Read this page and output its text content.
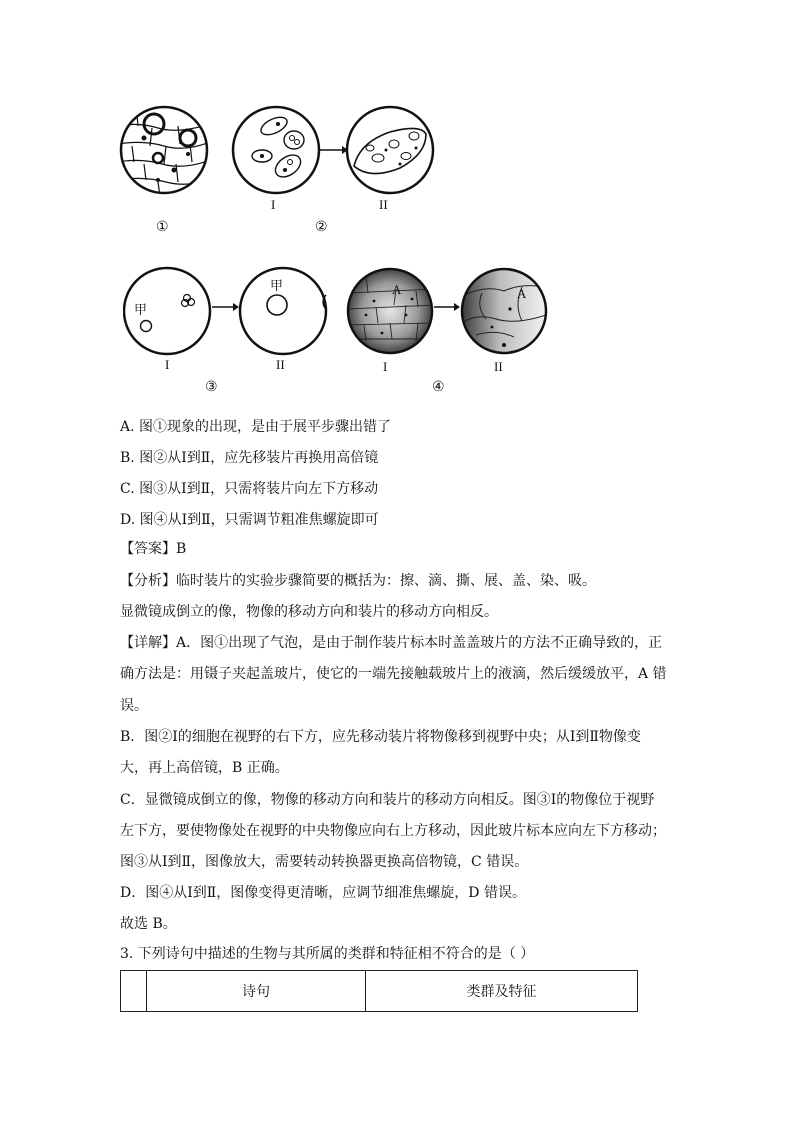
I	II
①	②
甲
甲	A	A
I	II	I	II
③	④
A. 图①现象的出现，是由于展平步骤出错了
B. 图②从Ⅰ到Ⅱ，应先移装片再换用高倍镜
C. 图③从Ⅰ到Ⅱ，只需将装片向左下方移动
D. 图④从Ⅰ到Ⅱ，只需调节粗准焦螺旋即可
【答案】B
【分析】临时装片的实验步骤简要的概括为：擦、滴、撕、展、盖、染、吸。
显微镜成倒立的像，物像的移动方向和装片的移动方向相反。
【详解】A．图①出现了气泡，是由于制作装片标本时盖盖玻片的方法不正确导致的，正
确方法是：用镊子夹起盖玻片，使它的一端先接触载玻片上的液滴，然后缓缓放平，A 错
误。
B．图②Ⅰ的细胞在视野的右下方，应先移动装片将物像移到视野中央；从Ⅰ到Ⅱ物像变
大，再上高倍镜，B 正确。
C．显微镜成倒立的像，物像的移动方向和装片的移动方向相反。图③Ⅰ的物像位于视野
左下方，要使物像处在视野的中央物像应向右上方移动，因此玻片标本应向左下方移动；
图③从Ⅰ到Ⅱ，图像放大，需要转动转换器更换高倍物镜，C 错误。
D．图④从Ⅰ到Ⅱ，图像变得更清晰，应调节细准焦螺旋，D 错误。
故选 B。
3. 下列诗句中描述的生物与其所属的类群和特征相不符合的是（ ）
	诗句	类群及特征
